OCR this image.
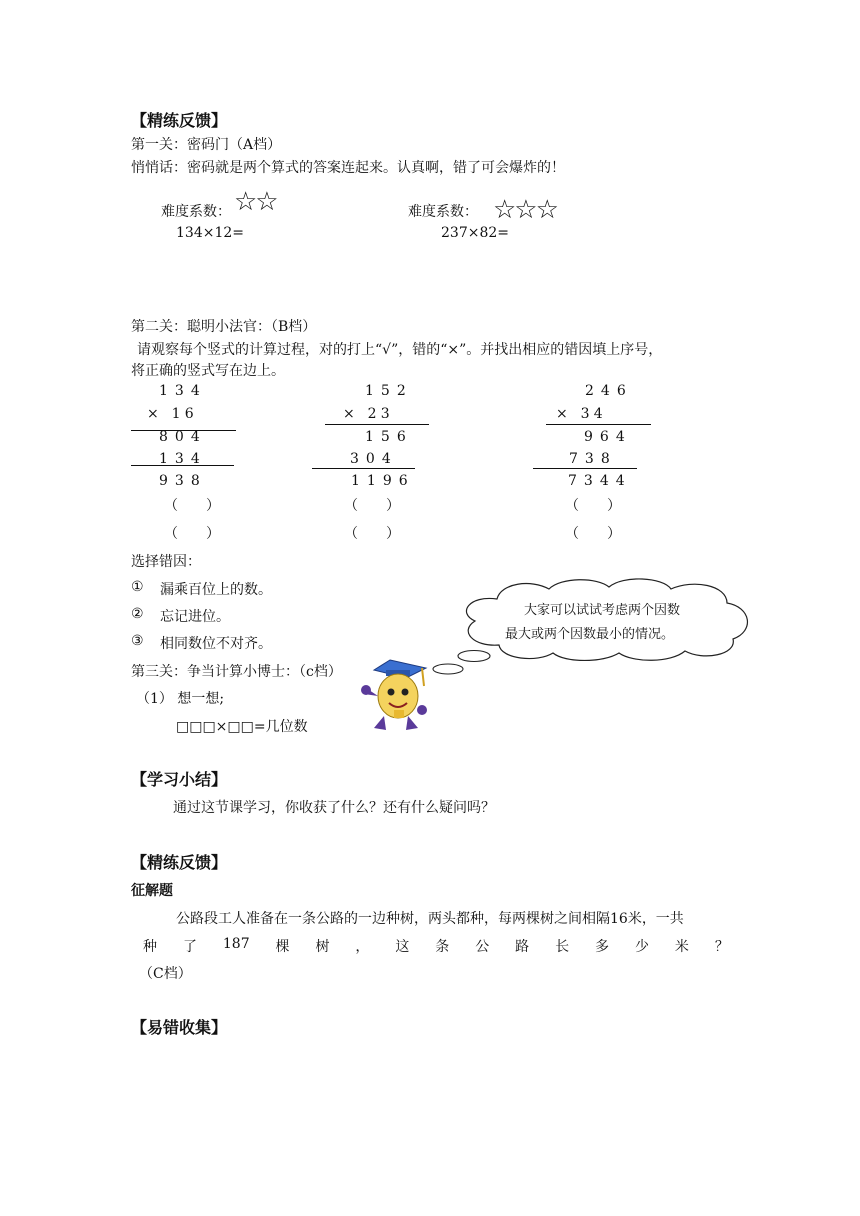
【精练反馈】
第一关：密码门（A档）
悄悄话：密码就是两个算式的答案连起来。认真啊，错了可会爆炸的！
难度系数： ☆☆
134×12=
难度系数： ☆☆☆
237×82=
第二关：聪明小法官：（B档）
请观察每个竖式的计算过程，对的打上“√”，错的“×”。并找出相应的错因填上序号，
将正确的竖式写在边上。
134
× 16
804
134
938
（　　）
（　　）
152
× 23
156
304
1196
（　　）
（　　）
246
× 34
964
738
7344
（　　）
（　　）
选择错因：
① 漏乘百位上的数。
② 忘记进位。
③ 相同数位不对齐。
大家可以试试考虑两个因数
最大或两个因数最小的情况。
第三关：争当计算小博士：（c档）
（1） 想一想;
□□□×□□=几位数
【学习小结】
通过这节课学习，你收获了什么？还有什么疑问吗？
【精练反馈】
征解题
公路段工人准备在一条公路的一边种树，两头都种，每两棵树之间相隔16米，一共
种 了 187 棵 树 ， 这 条 公 路 长 多 少 米 ？
（C档）
【易错收集】
